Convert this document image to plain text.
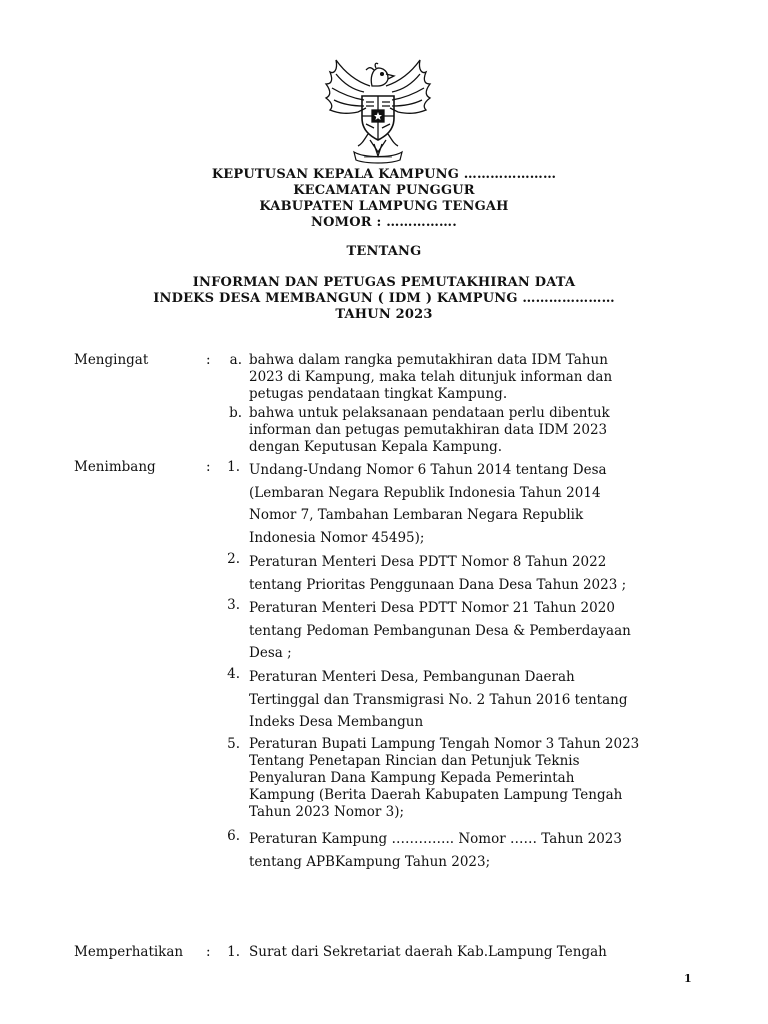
KEPUTUSAN KEPALA KAMPUNG …………………
KECAMATAN PUNGGUR
KABUPATEN LAMPUNG TENGAH
NOMOR : …………….
TENTANG
INFORMAN DAN PETUGAS PEMUTAKHIRAN DATA
INDEKS DESA MEMBANGUN ( IDM ) KAMPUNG …………………
TAHUN 2023
Mengingat	:	a. bahwa dalam rangka pemutakhiran data IDM Tahun
2023 di Kampung, maka telah ditunjuk informan dan
petugas pendataan tingkat Kampung.
b. bahwa untuk pelaksanaan pendataan perlu dibentuk
informan dan petugas pemutakhiran data IDM 2023
dengan Keputusan Kepala Kampung.
Menimbang	:	1. Undang-Undang Nomor 6 Tahun 2014 tentang Desa
(Lembaran Negara Republik Indonesia Tahun 2014
Nomor 7, Tambahan Lembaran Negara Republik
Indonesia Nomor 45495);
2. Peraturan Menteri Desa PDTT Nomor 8 Tahun 2022
tentang Prioritas Penggunaan Dana Desa Tahun 2023 ;
3. Peraturan Menteri Desa PDTT Nomor 21 Tahun 2020
tentang Pedoman Pembangunan Desa & Pemberdayaan
Desa ;
4. Peraturan Menteri Desa, Pembangunan Daerah
Tertinggal dan Transmigrasi No. 2 Tahun 2016 tentang
Indeks Desa Membangun
5. Peraturan Bupati Lampung Tengah Nomor 3 Tahun 2023
Tentang Penetapan Rincian dan Petunjuk Teknis
Penyaluran Dana Kampung Kepada Pemerintah
Kampung (Berita Daerah Kabupaten Lampung Tengah
Tahun 2023 Nomor 3);
6. Peraturan Kampung ………….. Nomor …… Tahun 2023
tentang APBKampung Tahun 2023;
Memperhatikan :	1. Surat dari Sekretariat daerah Kab.Lampung Tengah
1
